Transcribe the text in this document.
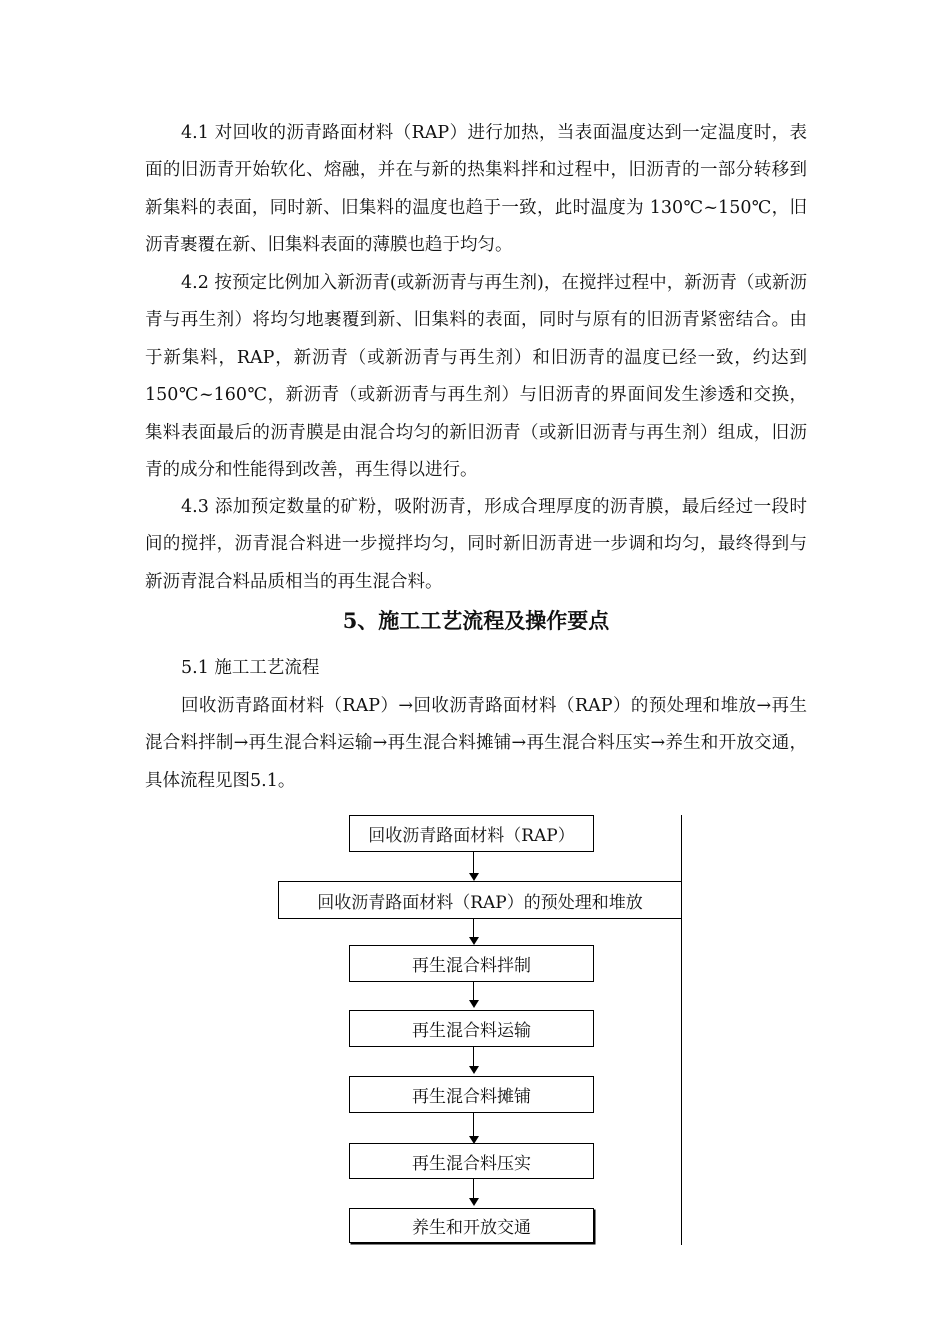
4.1 对回收的沥青路面材料（RAP）进行加热，当表面温度达到一定温度时，表面的旧沥青开始软化、熔融，并在与新的热集料拌和过程中，旧沥青的一部分转移到新集料的表面，同时新、旧集料的温度也趋于一致，此时温度为 130℃~150℃，旧沥青裹覆在新、旧集料表面的薄膜也趋于均匀。

4.2 按预定比例加入新沥青(或新沥青与再生剂)，在搅拌过程中，新沥青（或新沥青与再生剂）将均匀地裹覆到新、旧集料的表面，同时与原有的旧沥青紧密结合。由于新集料，RAP，新沥青（或新沥青与再生剂）和旧沥青的温度已经一致，约达到 150℃~160℃，新沥青（或新沥青与再生剂）与旧沥青的界面间发生渗透和交换，集料表面最后的沥青膜是由混合均匀的新旧沥青（或新旧沥青与再生剂）组成，旧沥青的成分和性能得到改善，再生得以进行。

4.3 添加预定数量的矿粉，吸附沥青，形成合理厚度的沥青膜，最后经过一段时间的搅拌，沥青混合料进一步搅拌均匀，同时新旧沥青进一步调和均匀，最终得到与新沥青混合料品质相当的再生混合料。

5、施工工艺流程及操作要点

5.1 施工工艺流程

回收沥青路面材料（RAP）→回收沥青路面材料（RAP）的预处理和堆放→再生混合料拌制→再生混合料运输→再生混合料摊铺→再生混合料压实→养生和开放交通，具体流程见图5.1。

回收沥青路面材料（RAP）
回收沥青路面材料（RAP）的预处理和堆放
再生混合料拌制
再生混合料运输
再生混合料摊铺
再生混合料压实
养生和开放交通
